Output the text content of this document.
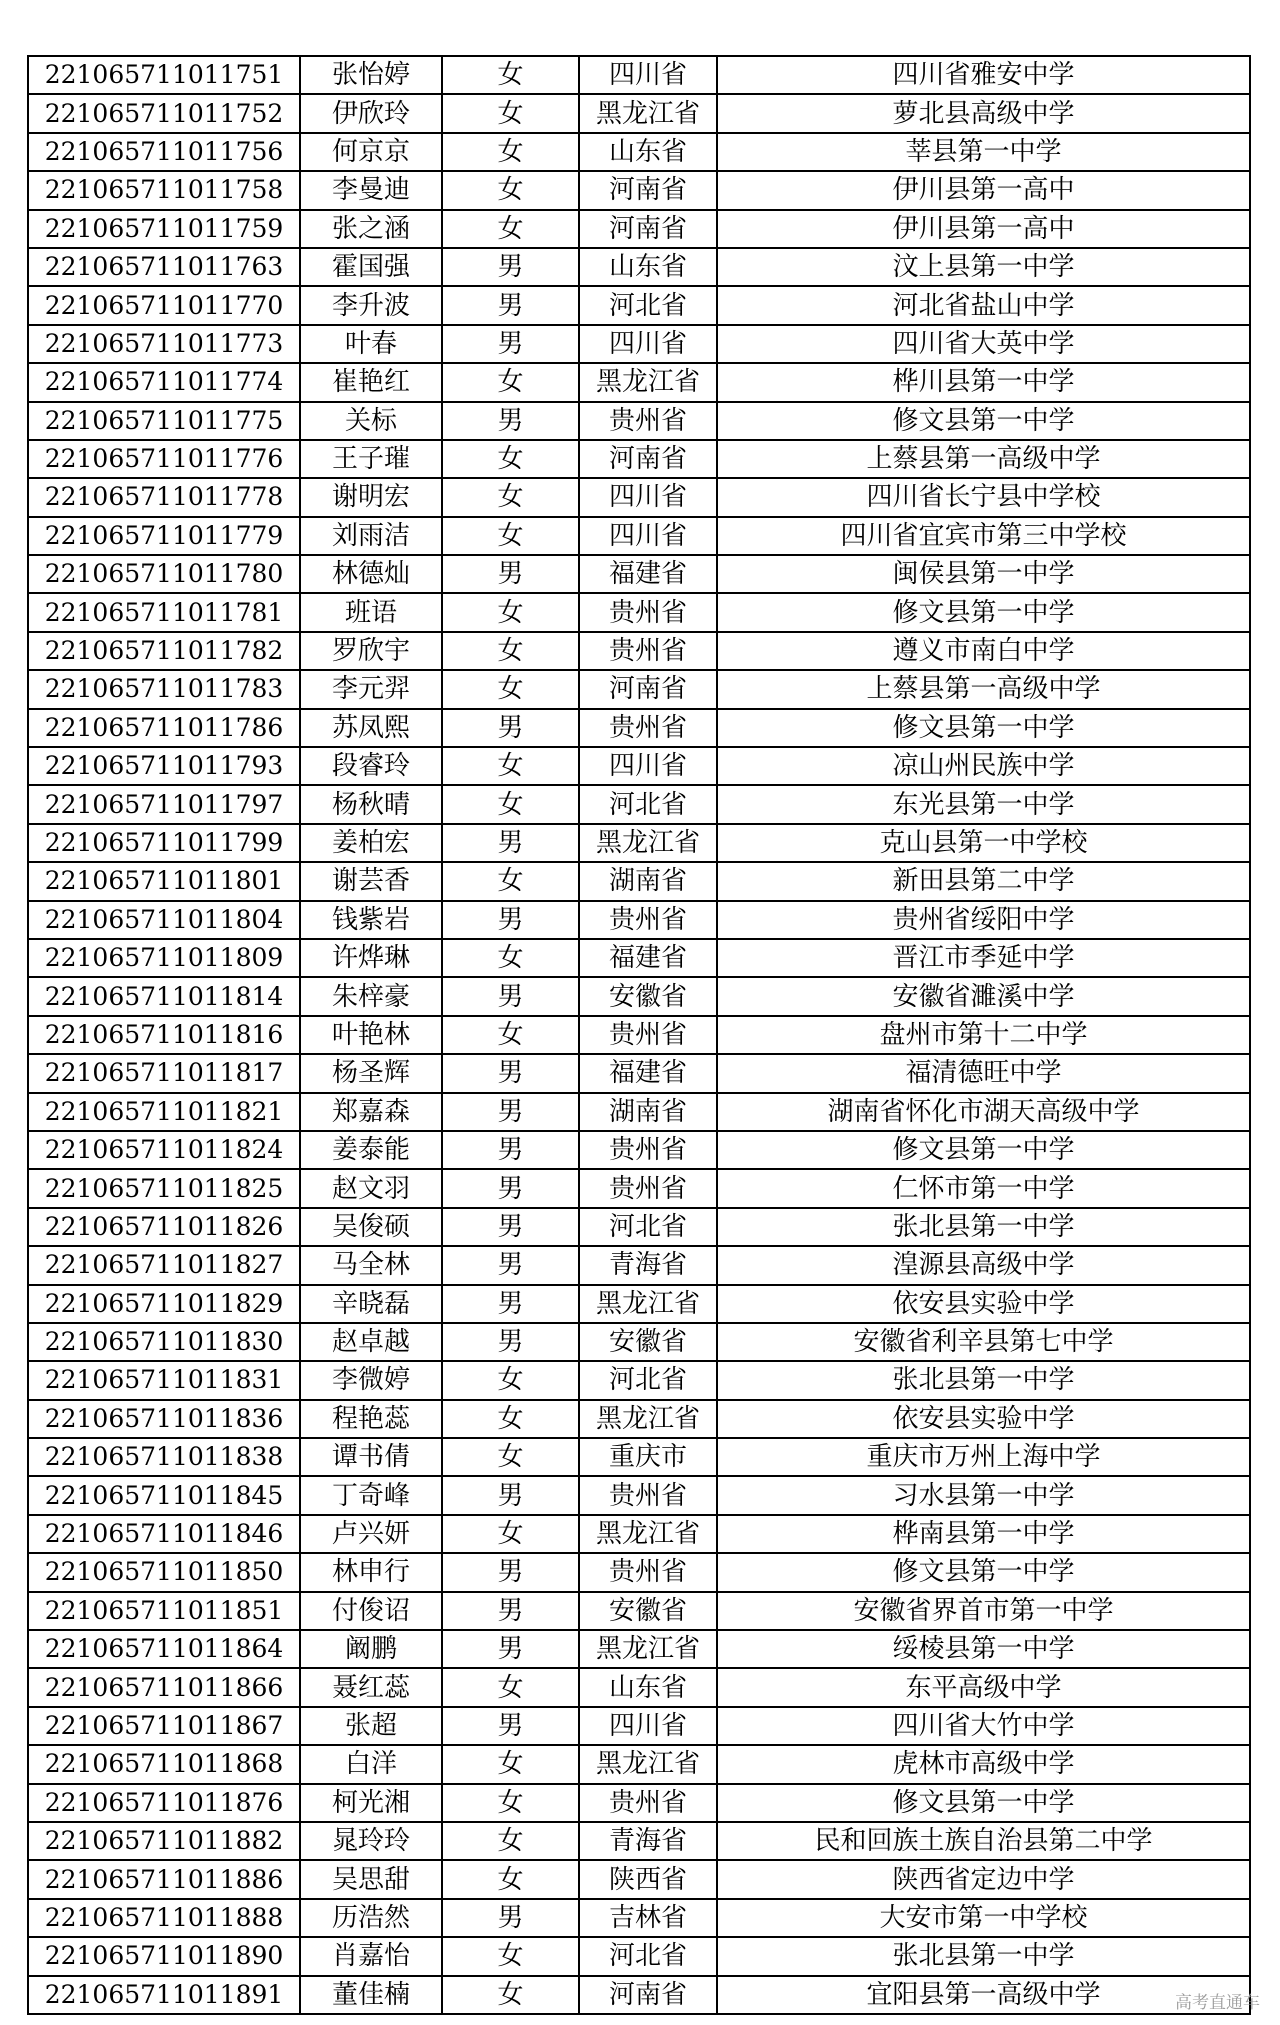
221065711011751	张怡婷	女	四川省	四川省雅安中学
221065711011752	伊欣玲	女	黑龙江省	萝北县高级中学
221065711011756	何京京	女	山东省	莘县第一中学
221065711011758	李曼迪	女	河南省	伊川县第一高中
221065711011759	张之涵	女	河南省	伊川县第一高中
221065711011763	霍国强	男	山东省	汶上县第一中学
221065711011770	李升波	男	河北省	河北省盐山中学
221065711011773	叶春	男	四川省	四川省大英中学
221065711011774	崔艳红	女	黑龙江省	桦川县第一中学
221065711011775	关标	男	贵州省	修文县第一中学
221065711011776	王子璀	女	河南省	上蔡县第一高级中学
221065711011778	谢明宏	女	四川省	四川省长宁县中学校
221065711011779	刘雨洁	女	四川省	四川省宜宾市第三中学校
221065711011780	林德灿	男	福建省	闽侯县第一中学
221065711011781	班语	女	贵州省	修文县第一中学
221065711011782	罗欣宇	女	贵州省	遵义市南白中学
221065711011783	李元羿	女	河南省	上蔡县第一高级中学
221065711011786	苏凤熙	男	贵州省	修文县第一中学
221065711011793	段睿玲	女	四川省	凉山州民族中学
221065711011797	杨秋晴	女	河北省	东光县第一中学
221065711011799	姜柏宏	男	黑龙江省	克山县第一中学校
221065711011801	谢芸香	女	湖南省	新田县第二中学
221065711011804	钱紫岩	男	贵州省	贵州省绥阳中学
221065711011809	许烨琳	女	福建省	晋江市季延中学
221065711011814	朱梓豪	男	安徽省	安徽省濉溪中学
221065711011816	叶艳林	女	贵州省	盘州市第十二中学
221065711011817	杨圣辉	男	福建省	福清德旺中学
221065711011821	郑嘉森	男	湖南省	湖南省怀化市湖天高级中学
221065711011824	姜泰能	男	贵州省	修文县第一中学
221065711011825	赵文羽	男	贵州省	仁怀市第一中学
221065711011826	吴俊硕	男	河北省	张北县第一中学
221065711011827	马全林	男	青海省	湟源县高级中学
221065711011829	辛晓磊	男	黑龙江省	依安县实验中学
221065711011830	赵卓越	男	安徽省	安徽省利辛县第七中学
221065711011831	李微婷	女	河北省	张北县第一中学
221065711011836	程艳蕊	女	黑龙江省	依安县实验中学
221065711011838	谭书倩	女	重庆市	重庆市万州上海中学
221065711011845	丁奇峰	男	贵州省	习水县第一中学
221065711011846	卢兴妍	女	黑龙江省	桦南县第一中学
221065711011850	林申行	男	贵州省	修文县第一中学
221065711011851	付俊诏	男	安徽省	安徽省界首市第一中学
221065711011864	阚鹏	男	黑龙江省	绥棱县第一中学
221065711011866	聂红蕊	女	山东省	东平高级中学
221065711011867	张超	男	四川省	四川省大竹中学
221065711011868	白洋	女	黑龙江省	虎林市高级中学
221065711011876	柯光湘	女	贵州省	修文县第一中学
221065711011882	晁玲玲	女	青海省	民和回族土族自治县第二中学
221065711011886	吴思甜	女	陕西省	陕西省定边中学
221065711011888	历浩然	男	吉林省	大安市第一中学校
221065711011890	肖嘉怡	女	河北省	张北县第一中学
221065711011891	董佳楠	女	河南省	宜阳县第一高级中学	高考直通车
